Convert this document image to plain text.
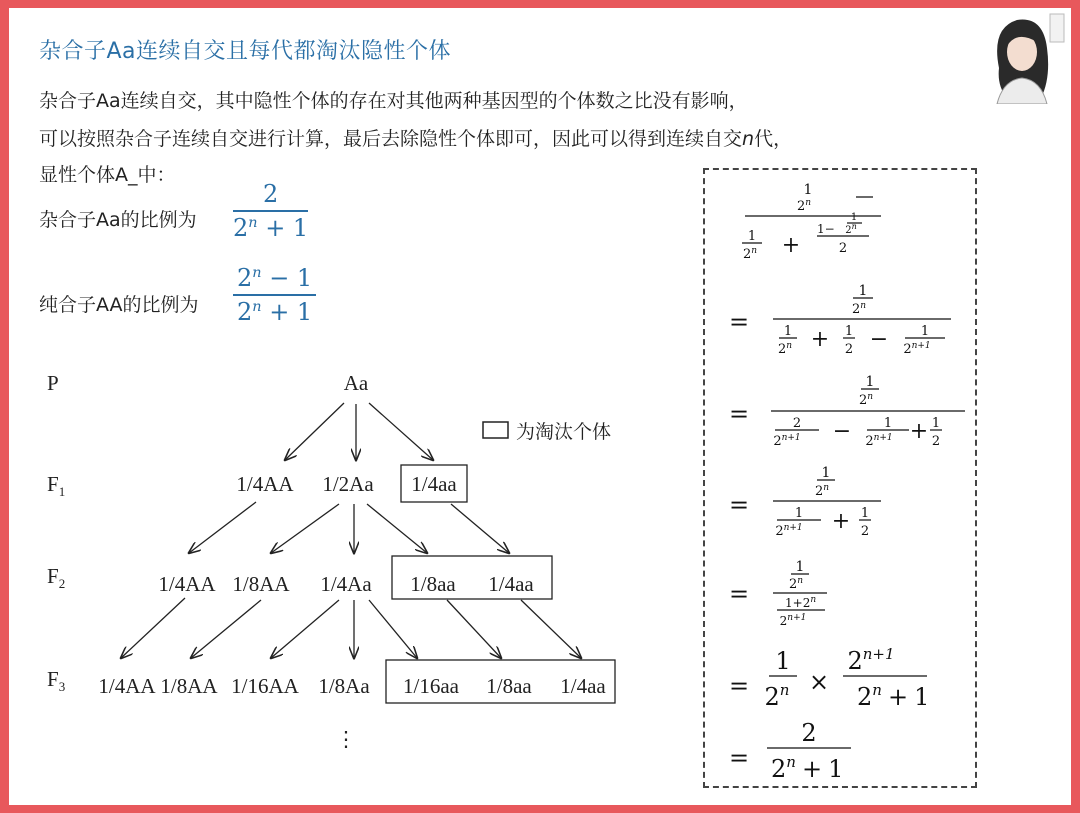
杂合子Aa连续自交且每代都淘汰隐性个体
杂合子Aa连续自交，其中隐性个体的存在对其他两种基因型的个体数之比没有影响，
可以按照杂合子连续自交进行计算，最后去除隐性个体即可，因此可以得到连续自交n代，
显性个体A_中：
杂合子Aa的比例为 $\frac{2}{2^n + 1}$
纯合子AA的比例为 $\frac{2^n - 1}{2^n + 1}$
为淘汰个体
P
$F_1$
$F_2$
$F_3$
Aa
1/4AA 1/2Aa 1/4aa
1/4AA 1/8AA 1/4Aa 1/8aa 1/4aa
1/4AA 1/8AA 1/16AA 1/8Aa 1/16aa 1/8aa 1/4aa
⋮
1
2$^n$
1
$2^n$ +
1−
1
2$^n$
2
=
1
2$^n$
1
$2^n + 1$
2 −	1
$2^{n+1}$
=
1
2$^n$
2
$2^{n+1}$ −	1
$2^{n+1} + 1$
2
=
1
2$^n$
1
$2^{n+1} + 1$
2
=
1
2$^n$
$1+2^n$
$2^{n+1}$
=
1
$2^n$ ×
$2^{n+1}$
$2^n + 1$
=
2
$2^n + 1$
